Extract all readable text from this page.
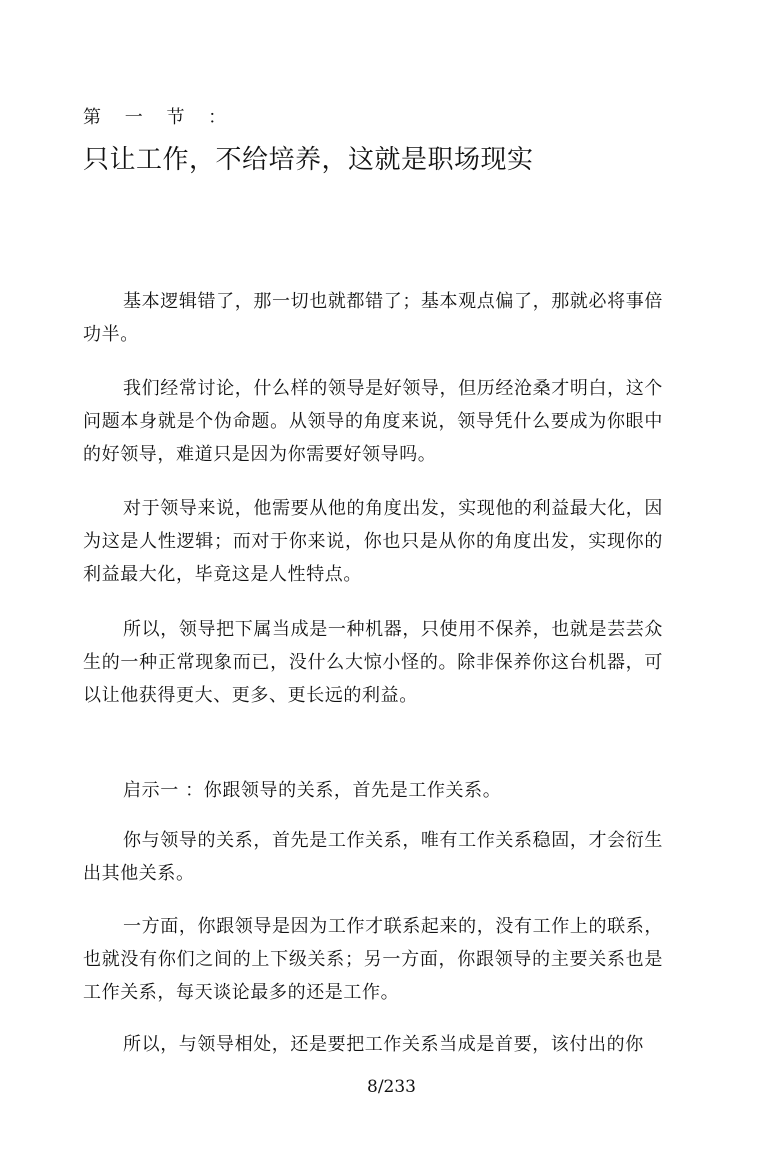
第 一 节 ：
只让工作，不给培养，这就是职场现实

基本逻辑错了，那一切也就都错了；基本观点偏了，那就必将事倍功半。

我们经常讨论，什么样的领导是好领导，但历经沧桑才明白，这个问题本身就是个伪命题。从领导的角度来说，领导凭什么要成为你眼中的好领导，难道只是因为你需要好领导吗。

对于领导来说，他需要从他的角度出发，实现他的利益最大化，因为这是人性逻辑；而对于你来说，你也只是从你的角度出发，实现你的利益最大化，毕竟这是人性特点。

所以，领导把下属当成是一种机器，只使用不保养，也就是芸芸众生的一种正常现象而已，没什么大惊小怪的。除非保养你这台机器，可以让他获得更大、更多、更长远的利益。

启示一 ：你跟领导的关系，首先是工作关系。

你与领导的关系，首先是工作关系，唯有工作关系稳固，才会衍生出其他关系。

一方面，你跟领导是因为工作才联系起来的，没有工作上的联系，也就没有你们之间的上下级关系；另一方面，你跟领导的主要关系也是工作关系，每天谈论最多的还是工作。

所以，与领导相处，还是要把工作关系当成是首要，该付出的你

8/233
